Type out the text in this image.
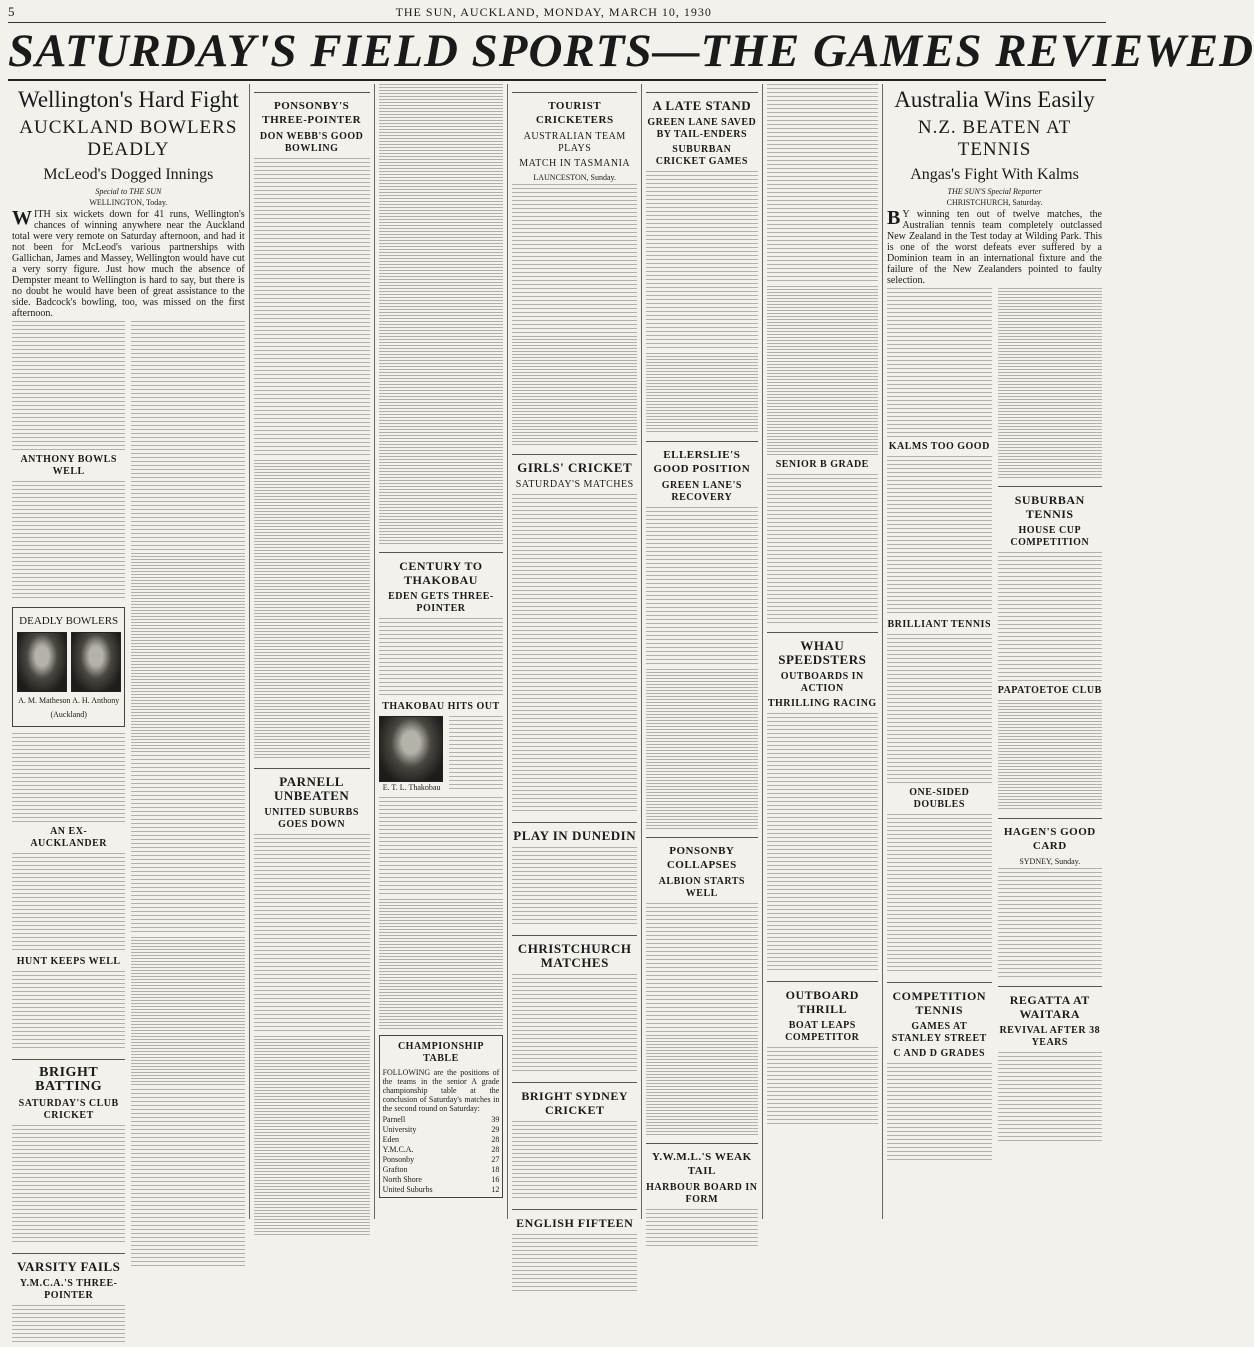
5	THE SUN, AUCKLAND, MONDAY, MARCH 10, 1930
SATURDAY'S FIELD SPORTS—THE GAMES REVIEWED
Wellington's Hard Fight
AUCKLAND BOWLERS DEADLY
McLeod's Dogged Innings
Special to THE SUN
WELLINGTON, Today.
WITH six wickets down for 41 runs, Wellington's chances of winning anywhere near the Auckland total were very remote on Saturday afternoon, and had it not been for McLeod's various partnerships with Gallichan, James and Massey, Wellington would have cut a very sorry figure. Just how much the absence of Dempster meant to Wellington is hard to say, but there is no doubt he would have been of great assistance to the side. Badcock's bowling, too, was missed on the first afternoon.
ANTHONY BOWLS WELL
DEADLY BOWLERS
A. M. Matheson A. H. Anthony
(Auckland)
AN EX-AUCKLANDER
HUNT KEEPS WELL
BRIGHT BATTING
SATURDAY'S CLUB CRICKET
VARSITY FAILS
Y.M.C.A.'S THREE-POINTER
PONSONBY'S THREE-POINTER
DON WEBB'S GOOD BOWLING
PARNELL UNBEATEN
UNITED SUBURBS GOES DOWN
CENTURY TO THAKOBAU
EDEN GETS THREE-POINTER
THAKOBAU HITS OUT
E. T. L. Thakobau
CHAMPIONSHIP TABLE
FOLLOWING are the positions of the teams in the senior A grade championship table at the conclusion of Saturday's matches in the second round on Saturday:
Parnell	39
University	29
Eden	28
Y.M.C.A.	28
Ponsonby	27
Grafton	18
North Shore	16
United Suburbs	12
TOURIST CRICKETERS
AUSTRALIAN TEAM PLAYS
MATCH IN TASMANIA
LAUNCESTON, Sunday.
GIRLS' CRICKET
SATURDAY'S MATCHES
PLAY IN DUNEDIN
CHRISTCHURCH MATCHES
BRIGHT SYDNEY CRICKET
ENGLISH FIFTEEN
A LATE STAND
GREEN LANE SAVED BY TAIL-ENDERS
SUBURBAN CRICKET GAMES
ELLERSLIE'S GOOD POSITION
GREEN LANE'S RECOVERY
PONSONBY COLLAPSES
ALBION STARTS WELL
Y.W.M.L.'S WEAK TAIL
HARBOUR BOARD IN FORM
SENIOR B GRADE
WHAU SPEEDSTERS
OUTBOARDS IN ACTION
THRILLING RACING
OUTBOARD THRILL
BOAT LEAPS COMPETITOR
Australia Wins Easily
N.Z. BEATEN AT TENNIS
Angas's Fight With Kalms
THE SUN'S Special Reporter
CHRISTCHURCH, Saturday.
B Y winning ten out of twelve matches, the Australian tennis team completely outclassed New Zealand in the Test today at Wilding Park. This is one of the worst defeats ever suffered by a Dominion team in an international fixture and the failure of the New Zealanders pointed to faulty selection.
KALMS TOO GOOD
BRILLIANT TENNIS
ONE-SIDED DOUBLES
COMPETITION TENNIS
GAMES AT STANLEY STREET
C AND D GRADES
SUBURBAN TENNIS
HOUSE CUP COMPETITION
PAPATOETOE CLUB
HAGEN'S GOOD CARD
SYDNEY, Sunday.
REGATTA AT WAITARA
REVIVAL AFTER 38 YEARS
